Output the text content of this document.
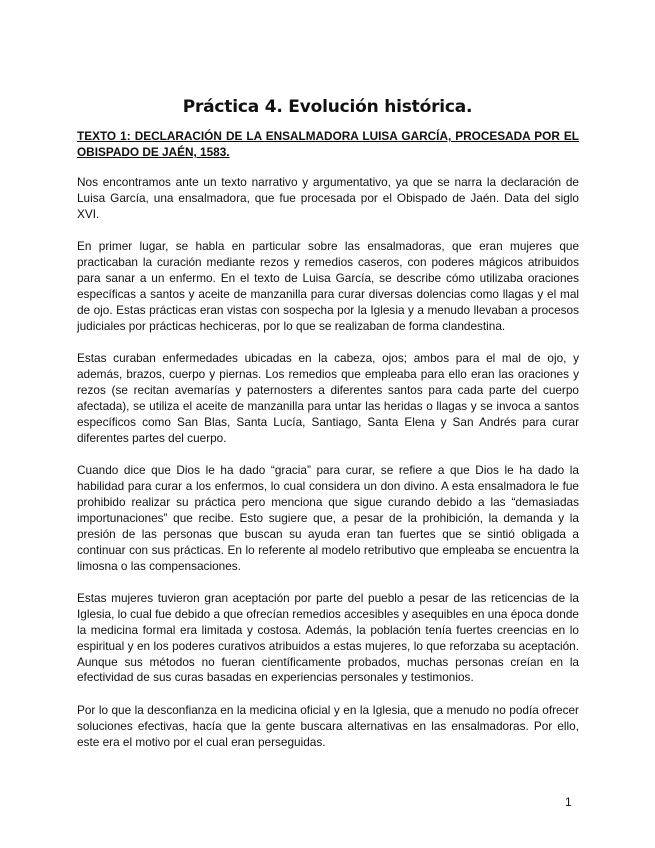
Práctica 4. Evolución histórica.
TEXTO 1: DECLARACIÓN DE LA ENSALMADORA LUISA GARCÍA, PROCESADA POR EL OBISPADO DE JAÉN, 1583.

Nos encontramos ante un texto narrativo y argumentativo, ya que se narra la declaración de Luisa García, una ensalmadora, que fue procesada por el Obispado de Jaén. Data del siglo XVI.

En primer lugar, se habla en particular sobre las ensalmadoras, que eran mujeres que practicaban la curación mediante rezos y remedios caseros, con poderes mágicos atribuidos para sanar a un enfermo. En el texto de Luisa García, se describe cómo utilizaba oraciones específicas a santos y aceite de manzanilla para curar diversas dolencias como llagas y el mal de ojo. Estas prácticas eran vistas con sospecha por la Iglesia y a menudo llevaban a procesos judiciales por prácticas hechiceras, por lo que se realizaban de forma clandestina.

Estas curaban enfermedades ubicadas en la cabeza, ojos; ambos para el mal de ojo, y además, brazos, cuerpo y piernas. Los remedios que empleaba para ello eran las oraciones y rezos (se recitan avemarías y paternosters a diferentes santos para cada parte del cuerpo afectada), se utiliza el aceite de manzanilla para untar las heridas o llagas y se invoca a santos específicos como San Blas, Santa Lucía, Santiago, Santa Elena y San Andrés para curar diferentes partes del cuerpo.

Cuando dice que Dios le ha dado “gracia” para curar, se refiere a que Dios le ha dado la habilidad para curar a los enfermos, lo cual considera un don divino. A esta ensalmadora le fue prohibido realizar su práctica pero menciona que sigue curando debido a las “demasiadas importunaciones” que recibe. Esto sugiere que, a pesar de la prohibición, la demanda y la presión de las personas que buscan su ayuda eran tan fuertes que se sintió obligada a continuar con sus prácticas. En lo referente al modelo retributivo que empleaba se encuentra la limosna o las compensaciones.

Estas mujeres tuvieron gran aceptación por parte del pueblo a pesar de las reticencias de la Iglesia, lo cual fue debido a que ofrecían remedios accesibles y asequibles en una época donde la medicina formal era limitada y costosa. Además, la población tenía fuertes creencias en lo espiritual y en los poderes curativos atribuidos a estas mujeres, lo que reforzaba su aceptación. Aunque sus métodos no fueran científicamente probados, muchas personas creían en la efectividad de sus curas basadas en experiencias personales y testimonios.

Por lo que la desconfianza en la medicina oficial y en la Iglesia, que a menudo no podía ofrecer soluciones efectivas, hacía que la gente buscara alternativas en las ensalmadoras. Por ello, este era el motivo por el cual eran perseguidas.

1
